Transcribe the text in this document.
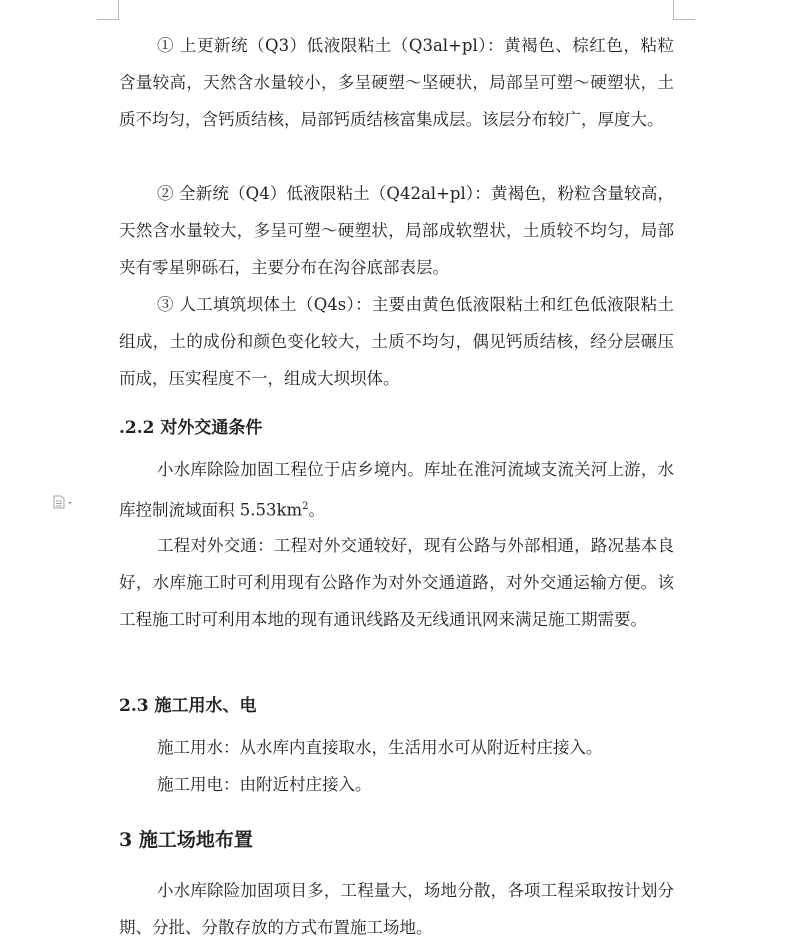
① 上更新统（Q3）低液限粘土（Q3al+pl）：黄褐色、棕红色，粘粒含量较高，天然含水量较小，多呈硬塑～坚硬状，局部呈可塑～硬塑状，土质不均匀，含钙质结核，局部钙质结核富集成层。该层分布较广，厚度大。

② 全新统（Q4）低液限粘土（Q42al+pl）：黄褐色，粉粒含量较高，天然含水量较大，多呈可塑～硬塑状，局部成软塑状，土质较不均匀，局部夹有零星卵砾石，主要分布在沟谷底部表层。

③ 人工填筑坝体土（Q4s）：主要由黄色低液限粘土和红色低液限粘土组成，土的成份和颜色变化较大，土质不均匀，偶见钙质结核，经分层碾压而成，压实程度不一，组成大坝坝体。

.2.2 对外交通条件

小水库除险加固工程位于店乡境内。库址在淮河流域支流关河上游，水库控制流域面积 $5.53km^2$。

工程对外交通：工程对外交通较好，现有公路与外部相通，路况基本良好，水库施工时可利用现有公路作为对外交通道路，对外交通运输方便。该工程施工时可利用本地的现有通讯线路及无线通讯网来满足施工期需要。

2.3 施工用水、电

施工用水：从水库内直接取水，生活用水可从附近村庄接入。

施工用电：由附近村庄接入。

3 施工场地布置

小水库除险加固项目多，工程量大，场地分散，各项工程采取按计划分期、分批、分散存放的方式布置施工场地。
